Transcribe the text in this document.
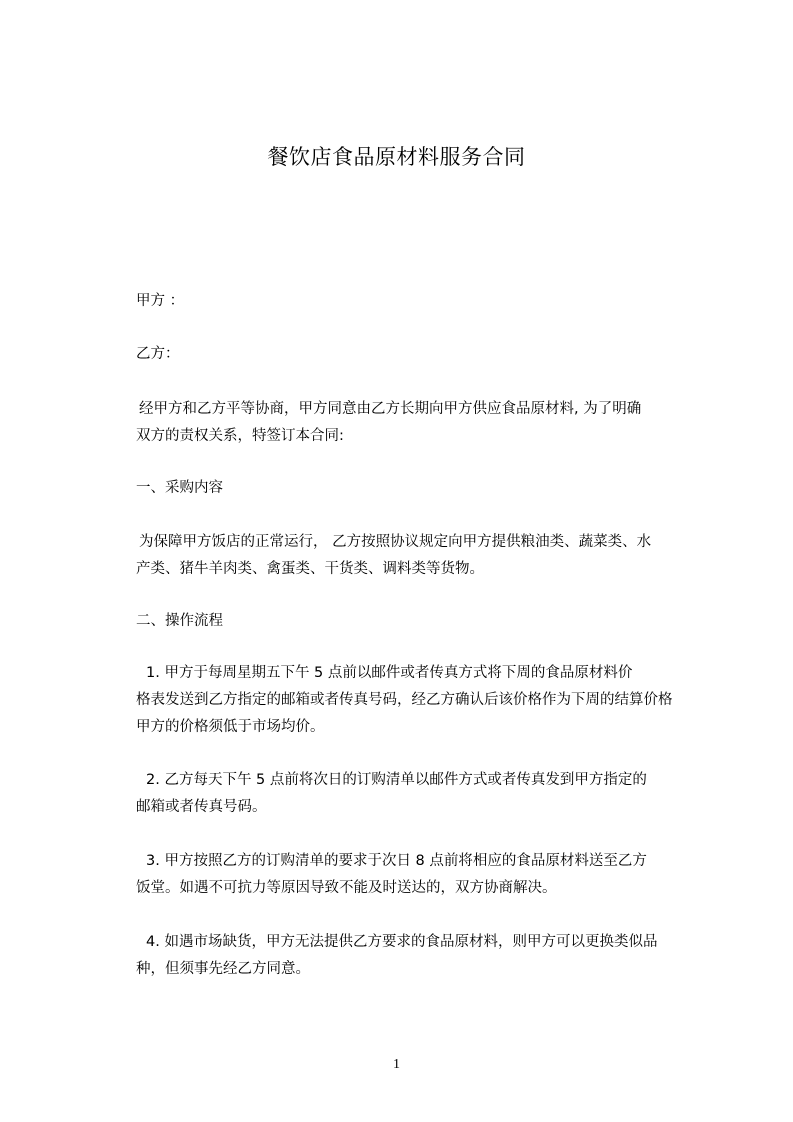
餐饮店食品原材料服务合同
甲方 ：
乙方：
经甲方和乙方平等协商，甲方同意由乙方长期向甲方供应食品原材料, 为了明确
双方的责权关系，特签订本合同:
一、采购内容
为保障甲方饭店的正常运行， 乙方按照协议规定向甲方提供粮油类、蔬菜类、水
产类、猪牛羊肉类、禽蛋类、干货类、调料类等货物。
二、操作流程
1. 甲方于每周星期五下午 5 点前以邮件或者传真方式将下周的食品原材料价
格表发送到乙方指定的邮箱或者传真号码，经乙方确认后该价格作为下周的结算价格
甲方的价格须低于市场均价。
2. 乙方每天下午 5 点前将次日的订购清单以邮件方式或者传真发到甲方指定的
邮箱或者传真号码。
3. 甲方按照乙方的订购清单的要求于次日 8 点前将相应的食品原材料送至乙方
饭堂。如遇不可抗力等原因导致不能及时送达的，双方协商解决。
4. 如遇市场缺货，甲方无法提供乙方要求的食品原材料，则甲方可以更换类似品
种，但须事先经乙方同意。
1
